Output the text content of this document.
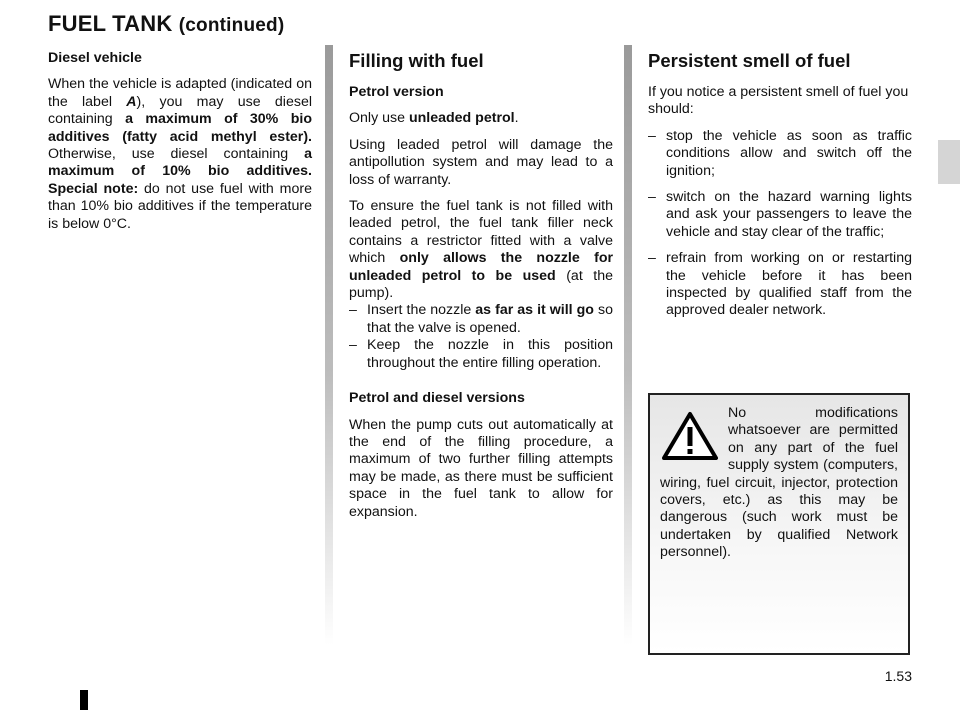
FUEL TANK (continued)

Diesel vehicle

When the vehicle is adapted (indicated on the label A), you may use diesel containing a maximum of 30% bio additives (fatty acid methyl ester). Otherwise, use diesel containing a maximum of 10% bio additives. Special note: do not use fuel with more than 10% bio additives if the temperature is below 0°C.

Filling with fuel

Petrol version

Only use unleaded petrol.

Using leaded petrol will damage the antipollution system and may lead to a loss of warranty.

To ensure the fuel tank is not filled with leaded petrol, the fuel tank filler neck contains a restrictor fitted with a valve which only allows the nozzle for unleaded petrol to be used (at the pump).

– Insert the nozzle as far as it will go so that the valve is opened.
– Keep the nozzle in this position throughout the entire filling operation.

Petrol and diesel versions

When the pump cuts out automatically at the end of the filling procedure, a maximum of two further filling attempts may be made, as there must be sufficient space in the fuel tank to allow for expansion.

Persistent smell of fuel

If you notice a persistent smell of fuel you should:

– stop the vehicle as soon as traffic conditions allow and switch off the ignition;
– switch on the hazard warning lights and ask your passengers to leave the vehicle and stay clear of the traffic;
– refrain from working on or restarting the vehicle before it has been inspected by qualified staff from the approved dealer network.

No modifications whatsoever are permitted on any part of the fuel supply system (computers, wiring, fuel circuit, injector, protection covers, etc.) as this may be dangerous (such work must be undertaken by qualified Network personnel).

1.53
